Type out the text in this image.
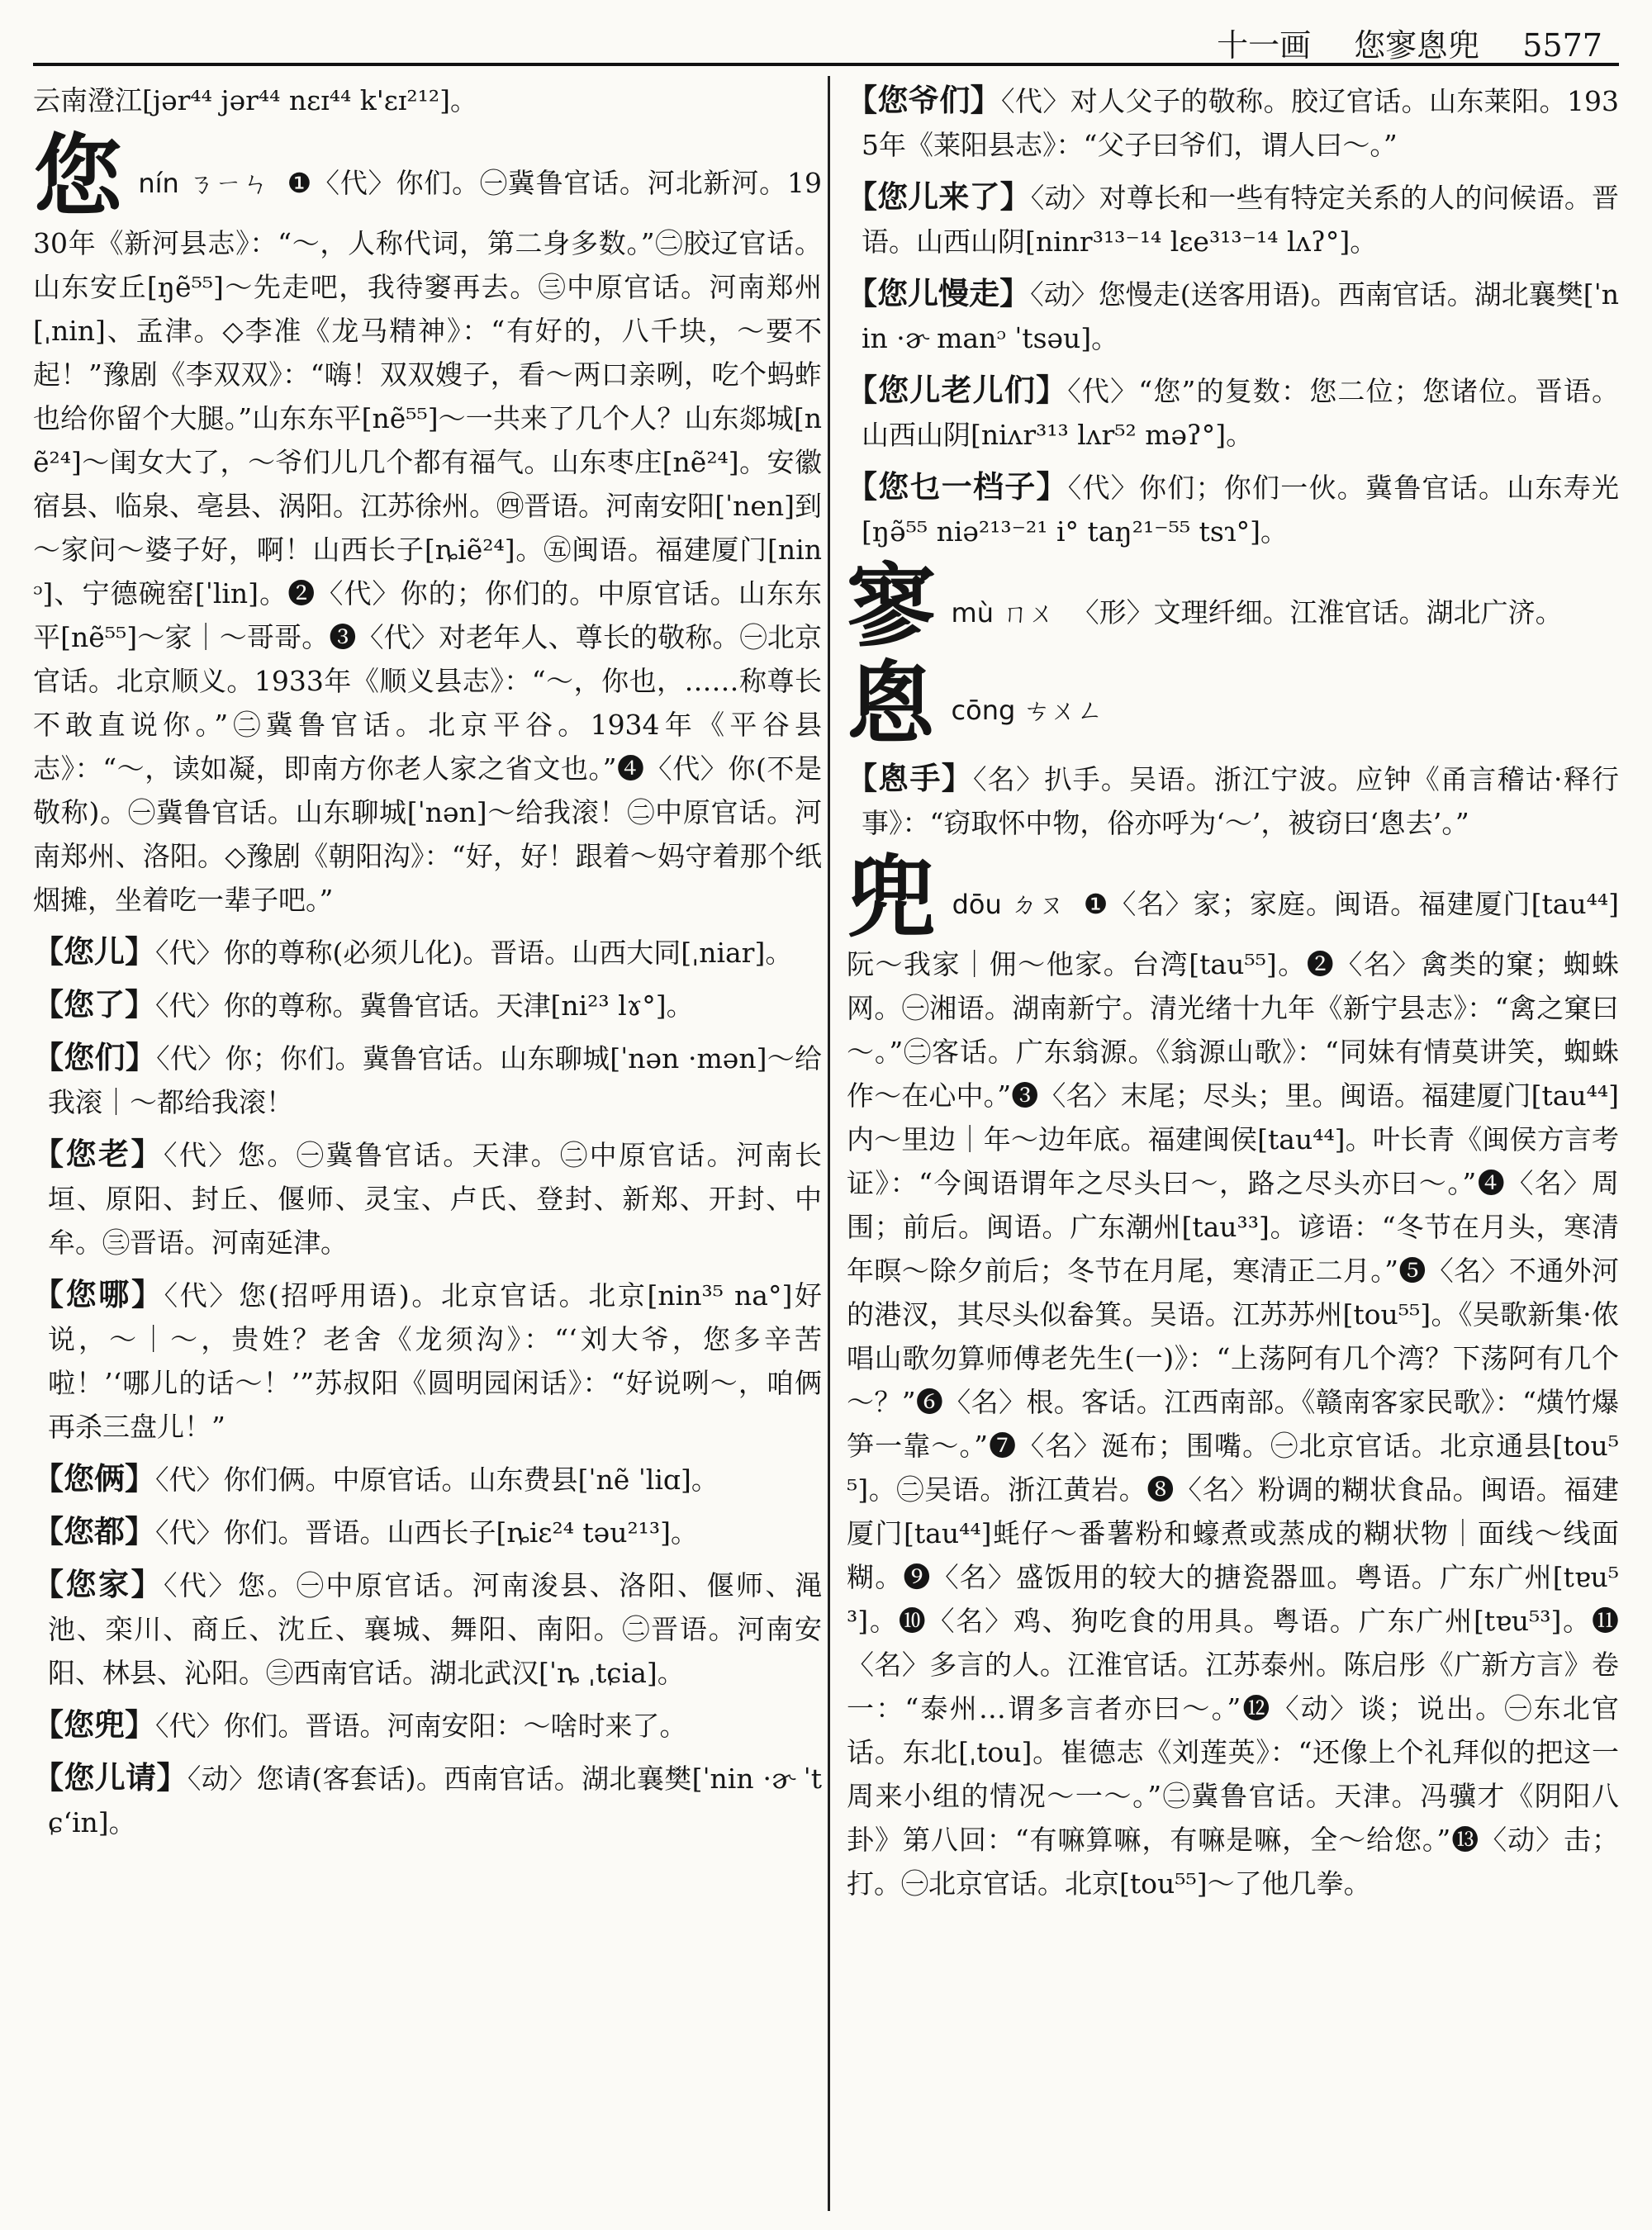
十一画 您寥悤兜 5577

云南澄江[jər⁴⁴ jər⁴⁴ nɛɪ⁴⁴ k'ɛɪ²¹²]。

您 nín ㄋㄧㄣ ❶〈代〉你们。㊀冀鲁官话。河北新河。1930年《新河县志》：“～，人称代词，第二身多数。”㊁胶辽官话。山东安丘[ŋẽ⁵⁵]～先走吧，我待窭再去。㊂中原官话。河南郑州[ˌnin]、孟津。◇李准《龙马精神》：“有好的，八千块，～要不起！”豫剧《李双双》：“嗨！双双嫂子，看～两口亲咧，吃个蚂蚱也给你留个大腿。”山东东平[nẽ⁵⁵]～一共来了几个人？山东郯城[nẽ²⁴]～闺女大了，～爷们儿几个都有福气。山东枣庄[nẽ²⁴]。安徽宿县、临泉、亳县、涡阳。江苏徐州。㊃晋语。河南安阳[ˈnen]到～家问～婆子好，啊！山西长子[ȵiẽ²⁴]。㊄闽语。福建厦门[ninᵓ]、宁德碗窑[ˈlin]。❷〈代〉你的；你们的。中原官话。山东东平[nẽ⁵⁵]～家｜～哥哥。❸〈代〉对老年人、尊长的敬称。㊀北京官话。北京顺义。1933年《顺义县志》：“～，你也，……称尊长不敢直说你。”㊁冀鲁官话。北京平谷。1934年《平谷县志》：“～，读如凝，即南方你老人家之省文也。”❹〈代〉你(不是敬称)。㊀冀鲁官话。山东聊城[ˈnən]～给我滚！㊁中原官话。河南郑州、洛阳。◇豫剧《朝阳沟》：“好，好！跟着～妈守着那个纸烟摊，坐着吃一辈子吧。”

【您儿】〈代〉你的尊称(必须儿化)。晋语。山西大同[ˌniar]。

【您了】〈代〉你的尊称。冀鲁官话。天津[ni²³ lɤ°]。

【您们】〈代〉你；你们。冀鲁官话。山东聊城[ˈnən ·mən]～给我滚｜～都给我滚！

【您老】〈代〉您。㊀冀鲁官话。天津。㊁中原官话。河南长垣、原阳、封丘、偃师、灵宝、卢氏、登封、新郑、开封、中牟。㊂晋语。河南延津。

【您哪】〈代〉您(招呼用语)。北京官话。北京[nin³⁵ na°]好说，～｜～，贵姓？老舍《龙须沟》：“‘刘大爷，您多辛苦啦！’‘哪儿的话～！’”苏叔阳《圆明园闲话》：“好说咧～，咱俩再杀三盘儿！”

【您俩】〈代〉你们俩。中原官话。山东费县[ˈnẽ ˈliɑ]。

【您都】〈代〉你们。晋语。山西长子[ȵiɛ²⁴ təu²¹³]。

【您家】〈代〉您。㊀中原官话。河南浚县、洛阳、偃师、渑池、栾川、商丘、沈丘、襄城、舞阳、南阳。㊁晋语。河南安阳、林县、沁阳。㊂西南官话。湖北武汉[ˈȵ ˌtɕia]。

【您兜】〈代〉你们。晋语。河南安阳：～啥时来了。

【您儿请】〈动〉您请(客套话)。西南官话。湖北襄樊[ˈnin ·ɚ ˈtɕʻin]。

【您爷们】〈代〉对人父子的敬称。胶辽官话。山东莱阳。1935年《莱阳县志》：“父子曰爷们，谓人曰～。”

【您儿来了】〈动〉对尊长和一些有特定关系的人的问候语。晋语。山西山阴[ninr³¹³⁻¹⁴ lɛe³¹³⁻¹⁴ lʌʔ°]。

【您儿慢走】〈动〉您慢走(送客用语)。西南官话。湖北襄樊[ˈnin ·ɚ manᵓ ˈtsəu]。

【您儿老儿们】〈代〉“您”的复数：您二位；您诸位。晋语。山西山阴[niʌr³¹³ lʌr⁵² məʔ°]。

【您乜一档子】〈代〉你们；你们一伙。冀鲁官话。山东寿光[ŋə̃⁵⁵ niə²¹³⁻²¹ i° taŋ²¹⁻⁵⁵ tsɿ°]。

寥 mù ㄇㄨ 〈形〉文理纤细。江淮官话。湖北广济。

悤 cōng ㄘㄨㄥ

【悤手】〈名〉扒手。吴语。浙江宁波。应钟《甬言稽诂·释行事》：“窃取怀中物，俗亦呼为‘～’，被窃曰‘悤去’。”

兜 dōu ㄉㄡ ❶〈名〉家；家庭。闽语。福建厦门[tau⁴⁴]阮～我家｜佣～他家。台湾[tau⁵⁵]。❷〈名〉禽类的窠；蜘蛛网。㊀湘语。湖南新宁。清光绪十九年《新宁县志》：“禽之窠曰～。”㊁客话。广东翁源。《翁源山歌》：“同妹有情莫讲笑，蜘蛛作～在心中。”❸〈名〉末尾；尽头；里。闽语。福建厦门[tau⁴⁴]内～里边｜年～边年底。福建闽侯[tau⁴⁴]。叶长青《闽侯方言考证》：“今闽语谓年之尽头曰～，路之尽头亦曰～。”❹〈名〉周围；前后。闽语。广东潮州[tau³³]。谚语：“冬节在月头，寒清年暝～除夕前后；冬节在月尾，寒清正二月。”❺〈名〉不通外河的港汊，其尽头似畚箕。吴语。江苏苏州[tou⁵⁵]。《吴歌新集·侬唱山歌勿算师傅老先生(一)》：“上荡阿有几个湾？下荡阿有几个～？”❻〈名〉根。客话。江西南部。《赣南客家民歌》：“熿竹爆笋一靠～。”❼〈名〉涎布；围嘴。㊀北京官话。北京通县[tou⁵⁵]。㊁吴语。浙江黄岩。❽〈名〉粉调的糊状食品。闽语。福建厦门[tau⁴⁴]蚝仔～番薯粉和蠔煮或蒸成的糊状物｜面线～线面糊。❾〈名〉盛饭用的较大的搪瓷器皿。粤语。广东广州[tɐu⁵³]。❿〈名〉鸡、狗吃食的用具。粤语。广东广州[tɐu⁵³]。⓫〈名〉多言的人。江淮官话。江苏泰州。陈启彤《广新方言》卷一：“泰州…谓多言者亦曰～。”⓬〈动〉谈；说出。㊀东北官话。东北[ˌtou]。崔德志《刘莲英》：“还像上个礼拜似的把这一周来小组的情况～一～。”㊁冀鲁官话。天津。冯骥才《阴阳八卦》第八回：“有嘛算嘛，有嘛是嘛，全～给您。”⓭〈动〉击；打。㊀北京官话。北京[tou⁵⁵]～了他几拳。
